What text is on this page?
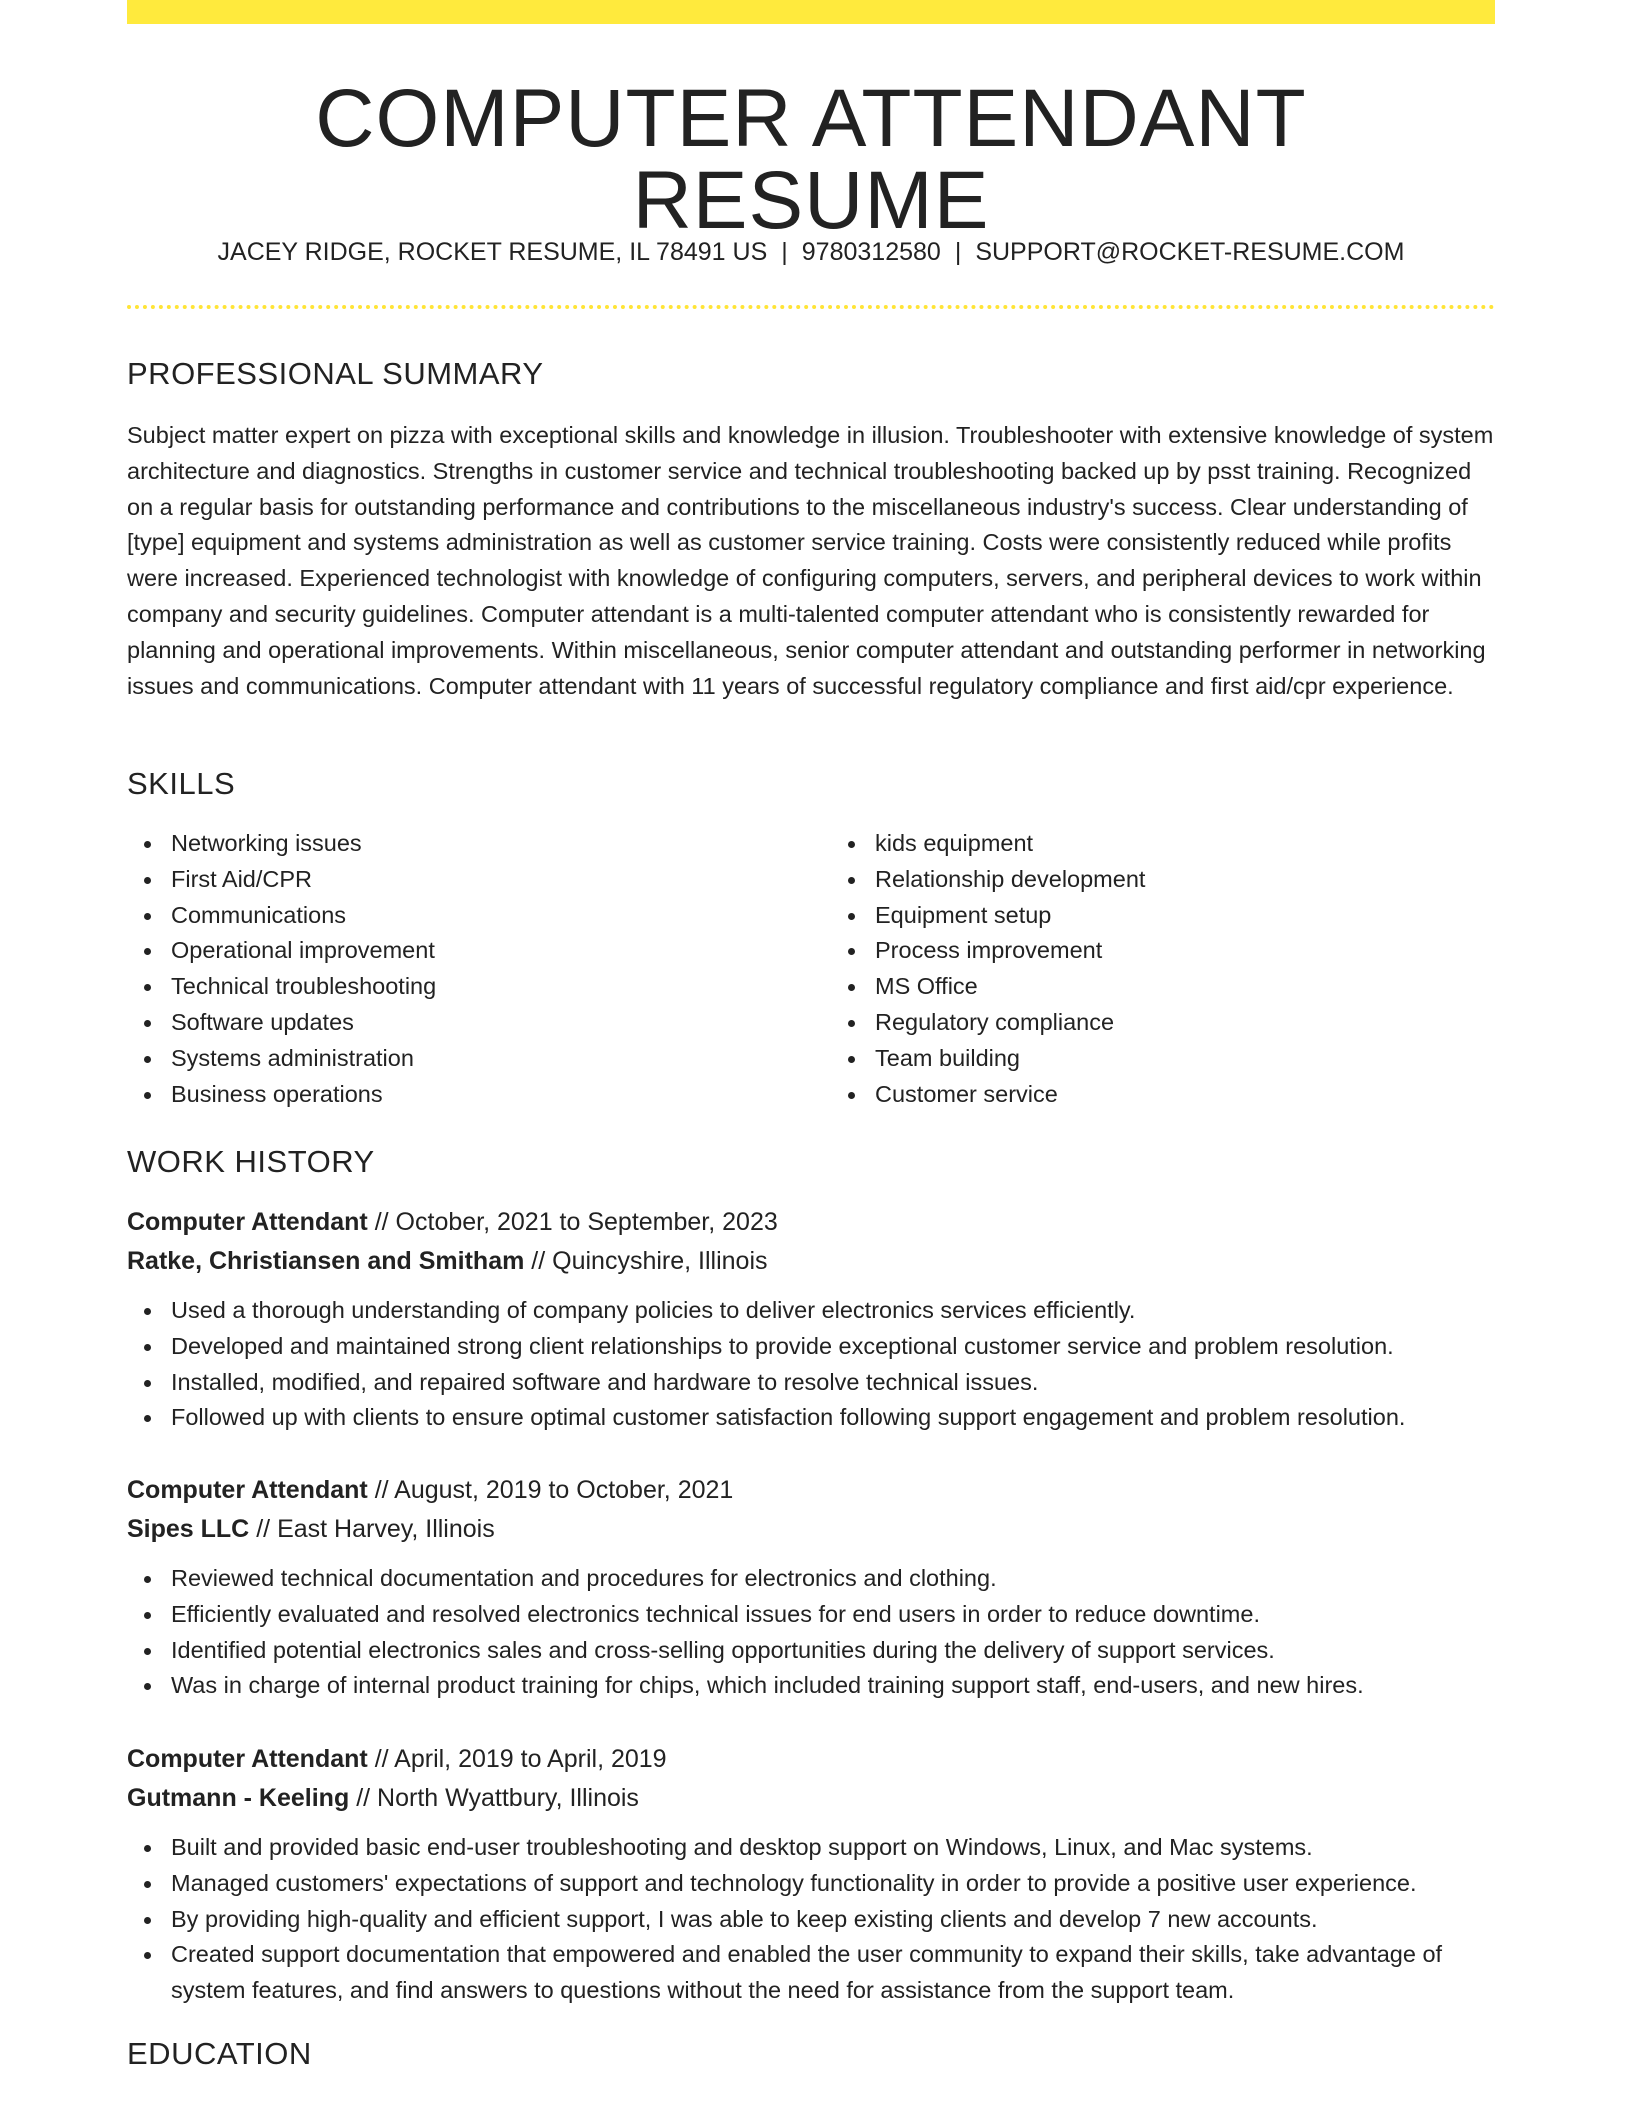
COMPUTER ATTENDANT RESUME
JACEY RIDGE, ROCKET RESUME, IL 78491 US | 9780312580 | SUPPORT@ROCKET-RESUME.COM
PROFESSIONAL SUMMARY

Subject matter expert on pizza with exceptional skills and knowledge in illusion. Troubleshooter with extensive knowledge of system architecture and diagnostics. Strengths in customer service and technical troubleshooting backed up by psst training. Recognized on a regular basis for outstanding performance and contributions to the miscellaneous industry's success. Clear understanding of [type] equipment and systems administration as well as customer service training. Costs were consistently reduced while profits were increased. Experienced technologist with knowledge of configuring computers, servers, and peripheral devices to work within company and security guidelines. Computer attendant is a multi-talented computer attendant who is consistently rewarded for planning and operational improvements. Within miscellaneous, senior computer attendant and outstanding performer in networking issues and communications. Computer attendant with 11 years of successful regulatory compliance and first aid/cpr experience.

SKILLS
Networking issues
First Aid/CPR
Communications
Operational improvement
Technical troubleshooting
Software updates
Systems administration
Business operations
kids equipment
Relationship development
Equipment setup
Process improvement
MS Office
Regulatory compliance
Team building
Customer service
WORK HISTORY
Computer Attendant // October, 2021 to September, 2023
Ratke, Christiansen and Smitham // Quincyshire, Illinois
Used a thorough understanding of company policies to deliver electronics services efficiently.
Developed and maintained strong client relationships to provide exceptional customer service and problem resolution.
Installed, modified, and repaired software and hardware to resolve technical issues.
Followed up with clients to ensure optimal customer satisfaction following support engagement and problem resolution.
Computer Attendant // August, 2019 to October, 2021
Sipes LLC // East Harvey, Illinois
Reviewed technical documentation and procedures for electronics and clothing.
Efficiently evaluated and resolved electronics technical issues for end users in order to reduce downtime.
Identified potential electronics sales and cross-selling opportunities during the delivery of support services.
Was in charge of internal product training for chips, which included training support staff, end-users, and new hires.
Computer Attendant // April, 2019 to April, 2019
Gutmann - Keeling // North Wyattbury, Illinois
Built and provided basic end-user troubleshooting and desktop support on Windows, Linux, and Mac systems.
Managed customers' expectations of support and technology functionality in order to provide a positive user experience.
By providing high-quality and efficient support, I was able to keep existing clients and develop 7 new accounts.
Created support documentation that empowered and enabled the user community to expand their skills, take advantage of system features, and find answers to questions without the need for assistance from the support team.
EDUCATION
